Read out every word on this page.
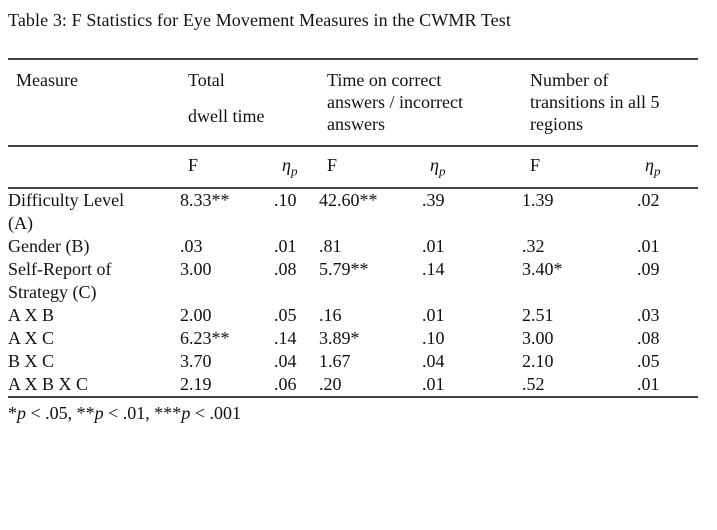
Table 3: F Statistics for Eye Movement Measures in the CWMR Test
Measure	Total
dwell time

Time on correct
answers / incorrect
answers

Number of
transitions in all 5
regions

	F	$\eta_p$	F	$\eta_p$	F	$\eta_p$
Difficulty Level (A)	8.33**	.10	42.60**	.39	1.39	.02
Gender (B)	.03	.01	.81	.01	.32	.01
Self-Report of Strategy (C)	3.00	.08	5.79**	.14	3.40*	.09
A X B	2.00	.05	.16	.01	2.51	.03
A X C	6.23**	.14	3.89*	.10	3.00	.08
B X C	3.70	.04	1.67	.04	2.10	.05
A X B X C	2.19	.06	.20	.01	.52	.01
*p < .05, **p < .01, ***p < .001
